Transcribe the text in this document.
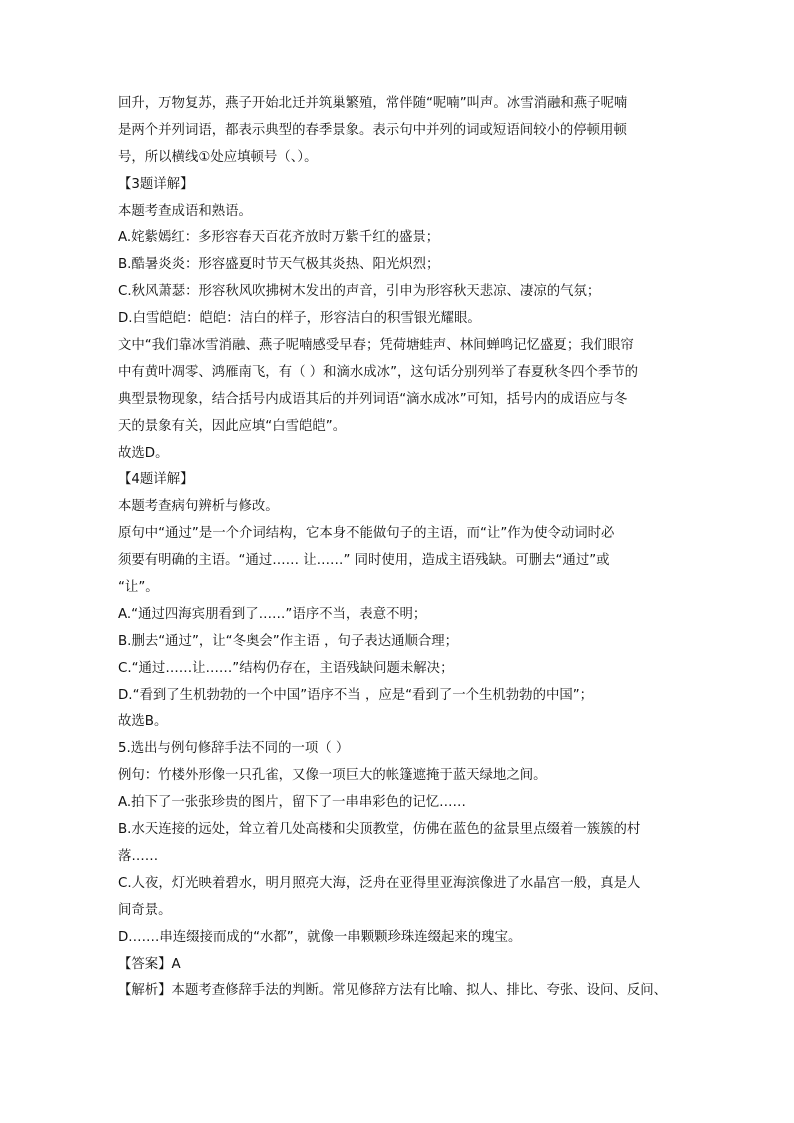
回升，万物复苏，燕子开始北迁并筑巢繁殖，常伴随“呢喃”叫声。冰雪消融和燕子呢喃
是两个并列词语，都表示典型的春季景象。表示句中并列的词或短语间较小的停顿用顿
号，所以横线①处应填顿号（、）。
【3题详解】
本题考查成语和熟语。
A.姹紫嫣红：多形容春天百花齐放时万紫千红的盛景；
B.酷暑炎炎：形容盛夏时节天气极其炎热、阳光炽烈；
C.秋风萧瑟：形容秋风吹拂树木发出的声音，引申为形容秋天悲凉、凄凉的气氛；
D.白雪皑皑：皑皑：洁白的样子，形容洁白的积雪银光耀眼。
文中“我们靠冰雪消融、燕子呢喃感受早春；凭荷塘蛙声、林间蝉鸣记忆盛夏；我们眼帘
中有黄叶凋零、鸿雁南飞，有（ ）和滴水成冰”，这句话分别列举了春夏秋冬四个季节的
典型景物现象，结合括号内成语其后的并列词语“滴水成冰”可知，括号内的成语应与冬
天的景象有关，因此应填“白雪皑皑”。
故选D。
【4题详解】
本题考查病句辨析与修改。
原句中“通过”是一个介词结构，它本身不能做句子的主语，而“让”作为使令动词时必
须要有明确的主语。“通过…… 让……” 同时使用，造成主语残缺。可删去“通过”或
“让”。
A.“通过四海宾朋看到了……”语序不当，表意不明；
B.删去“通过”，让“冬奥会”作主语 ，句子表达通顺合理；
C.“通过……让……”结构仍存在，主语残缺问题未解决；
D.“看到了生机勃勃的一个中国”语序不当 ，应是“看到了一个生机勃勃的中国”；
故选B。
5.选出与例句修辞手法不同的一项（ ）
例句：竹楼外形像一只孔雀，又像一项巨大的帐篷遮掩于蓝天绿地之间。
A.拍下了一张张珍贵的图片，留下了一串串彩色的记忆……
B.水天连接的远处，耸立着几处高楼和尖顶教堂，仿佛在蓝色的盆景里点缀着一簇簇的村
落……
C.人夜，灯光映着碧水，明月照亮大海，泛舟在亚得里亚海滨像进了水晶宫一般，真是人
间奇景。
D.……串连缀接而成的“水都”，就像一串颗颗珍珠连缀起来的瑰宝。
【答案】A
【解析】本题考查修辞手法的判断。常见修辞方法有比喻、拟人、排比、夸张、设问、反问、
